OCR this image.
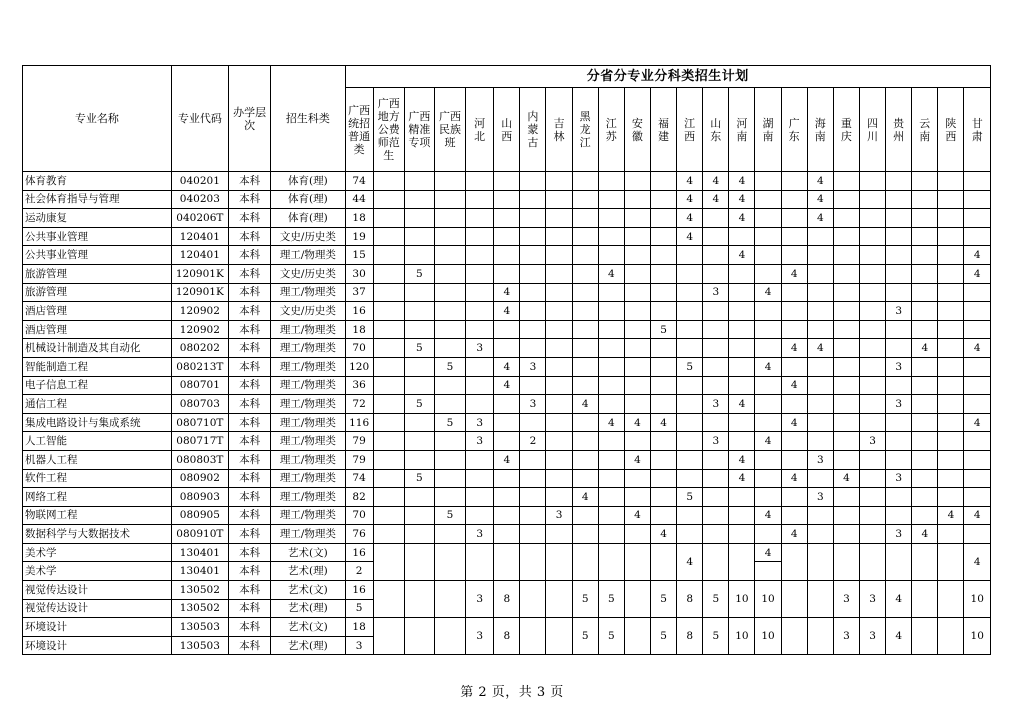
专业名称	专业代码	办学层次	招生科类	分省分专业分科类招生计划																							
				广西统招普通类	广西地方公费师范生	广西精准专项	广西民族班	河北	山西	内蒙古	吉林	黑龙江	江苏	安徽	福建	江西	山东	河南	湖南	广东	海南	重庆	四川	贵州	云南	陕西	甘肃
体育教育	040201	本科	体育(理)	74												4	4	4			4						
社会体育指导与管理	040203	本科	体育(理)	44												4	4	4			4						
运动康复	040206T	本科	体育(理)	18												4		4			4						
公共事业管理	120401	本科	文史/历史类	19												4											
公共事业管理	120401	本科	理工/物理类	15														4									4
旅游管理	120901K	本科	文史/历史类	30		5							4							4							4
旅游管理	120901K	本科	理工/物理类	37					4								3		4								
酒店管理	120902	本科	文史/历史类	16					4															3			
酒店管理	120902	本科	理工/物理类	18											5												
机械设计制造及其自动化	080202	本科	理工/物理类	70		5		3												4	4				4		4
智能制造工程	080213T	本科	理工/物理类	120			5		4	3						5			4					3			
电子信息工程	080701	本科	理工/物理类	36					4											4							
通信工程	080703	本科	理工/物理类	72		5				3		4					3	4						3			
集成电路设计与集成系统	080710T	本科	理工/物理类	116			5	3					4	4	4					4							4
人工智能	080717T	本科	理工/物理类	79				3		2							3		4				3				
机器人工程	080803T	本科	理工/物理类	79					4					4				4			3						
软件工程	080902	本科	理工/物理类	74		5												4		4		4		3			
网络工程	080903	本科	理工/物理类	82								4				5					3						
物联网工程	080905	本科	理工/物理类	70			5				3			4					4							4	4
数据科学与大数据技术	080910T	本科	理工/物理类	76				3							4					4				3	4		
美术学	130401	本科	艺术(文)	16												4			4								4
美术学	130401	本科	艺术(理)	2																							
视觉传达设计	130502	本科	艺术(文)	16				3	8			5	5		5	8	5	10	10			3	3	4			10
视觉传达设计	130502	本科	艺术(理)	5																							
环境设计	130503	本科	艺术(文)	18				3	8			5	5		5	8	5	10	10			3	3	4			10
环境设计	130503	本科	艺术(理)	3																							
第 2 页，共 3 页
